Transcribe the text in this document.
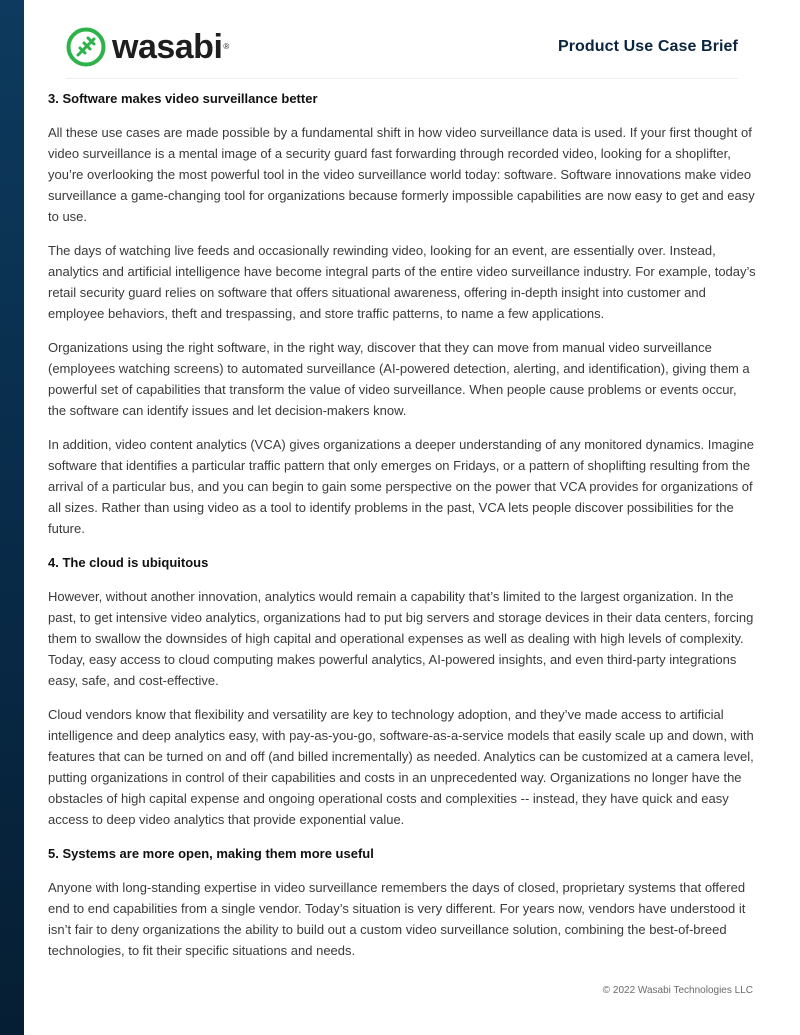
wasabi ®	Product Use Case Brief
3. Software makes video surveillance better

All these use cases are made possible by a fundamental shift in how video surveillance data is used. If your first thought of video surveillance is a mental image of a security guard fast forwarding through recorded video, looking for a shoplifter, you’re overlooking the most powerful tool in the video surveillance world today: software. Software innovations make video surveillance a game-changing tool for organizations because formerly impossible capabilities are now easy to get and easy to use.

The days of watching live feeds and occasionally rewinding video, looking for an event, are essentially over. Instead, analytics and artificial intelligence have become integral parts of the entire video surveillance industry. For example, today’s retail security guard relies on software that offers situational awareness, offering in-depth insight into customer and employee behaviors, theft and trespassing, and store traffic patterns, to name a few applications.

Organizations using the right software, in the right way, discover that they can move from manual video surveillance (employees watching screens) to automated surveillance (AI-powered detection, alerting, and identification), giving them a powerful set of capabilities that transform the value of video surveillance. When people cause problems or events occur, the software can identify issues and let decision-makers know.

In addition, video content analytics (VCA) gives organizations a deeper understanding of any monitored dynamics. Imagine software that identifies a particular traffic pattern that only emerges on Fridays, or a pattern of shoplifting resulting from the arrival of a particular bus, and you can begin to gain some perspective on the power that VCA provides for organizations of all sizes. Rather than using video as a tool to identify problems in the past, VCA lets people discover possibilities for the future.

4. The cloud is ubiquitous

However, without another innovation, analytics would remain a capability that’s limited to the largest organization. In the past, to get intensive video analytics, organizations had to put big servers and storage devices in their data centers, forcing them to swallow the downsides of high capital and operational expenses as well as dealing with high levels of complexity. Today, easy access to cloud computing makes powerful analytics, AI-powered insights, and even third-party integrations easy, safe, and cost-effective.

Cloud vendors know that flexibility and versatility are key to technology adoption, and they’ve made access to artificial intelligence and deep analytics easy, with pay-as-you-go, software-as-a-service models that easily scale up and down, with features that can be turned on and off (and billed incrementally) as needed. Analytics can be customized at a camera level, putting organizations in control of their capabilities and costs in an unprecedented way. Organizations no longer have the obstacles of high capital expense and ongoing operational costs and complexities -- instead, they have quick and easy access to deep video analytics that provide exponential value.

5. Systems are more open, making them more useful

Anyone with long-standing expertise in video surveillance remembers the days of closed, proprietary systems that offered end to end capabilities from a single vendor. Today’s situation is very different. For years now, vendors have understood it isn’t fair to deny organizations the ability to build out a custom video surveillance solution, combining the best-of-breed technologies, to fit their specific situations and needs.

© 2022 Wasabi Technologies LLC
